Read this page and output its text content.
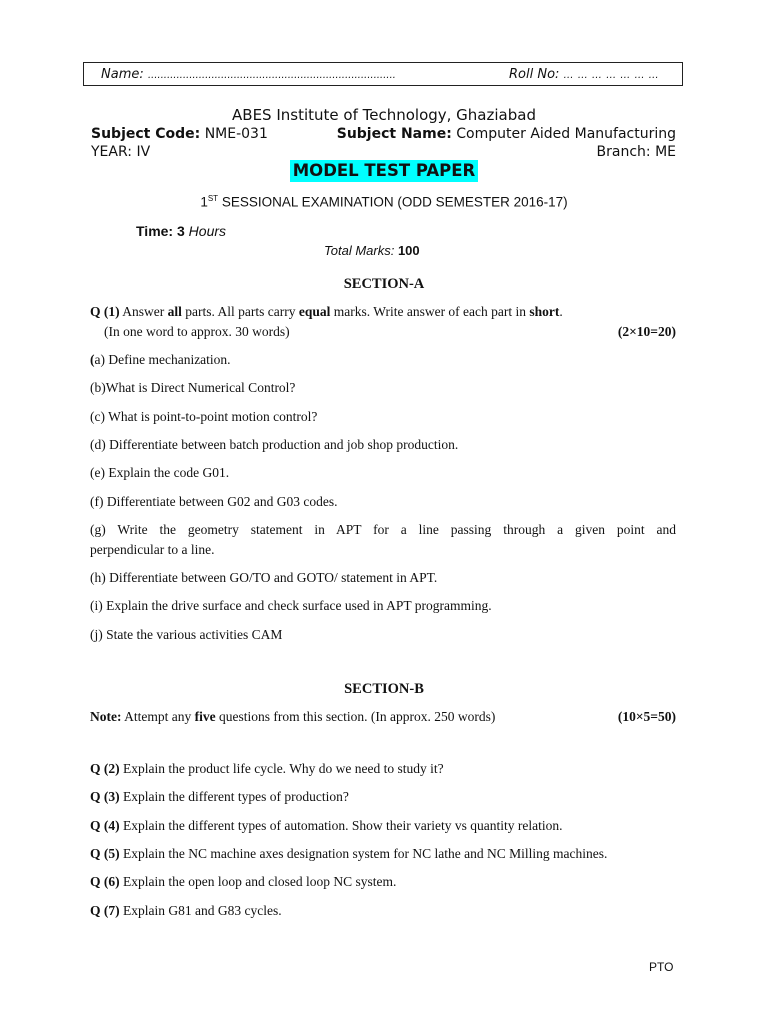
Name: ..............................................................................	Roll No: … … … … … … …
ABES Institute of Technology, Ghaziabad
Subject Code: NME-031	Subject Name: Computer Aided Manufacturing
YEAR: IV	Branch: ME
MODEL TEST PAPER
1ST SESSIONAL EXAMINATION (ODD SEMESTER 2016-17)
Time: 3 Hours
Total Marks: 100
SECTION-A
Q (1) Answer all parts. All parts carry equal marks. Write answer of each part in short.
(In one word to approx. 30 words)	(2×10=20)
(a) Define mechanization.
(b)What is Direct Numerical Control?
(c) What is point-to-point motion control?
(d) Differentiate between batch production and job shop production.
(e) Explain the code G01.
(f) Differentiate between G02 and G03 codes.
(g) Write the geometry statement in APT for a line passing through a given point and
perpendicular to a line.
(h) Differentiate between GO/TO and GOTO/ statement in APT.
(i) Explain the drive surface and check surface used in APT programming.
(j) State the various activities CAM
SECTION-B
Note: Attempt any five questions from this section. (In approx. 250 words)	(10×5=50)
Q (2) Explain the product life cycle. Why do we need to study it?
Q (3) Explain the different types of production?
Q (4) Explain the different types of automation. Show their variety vs quantity relation.
Q (5) Explain the NC machine axes designation system for NC lathe and NC Milling machines.
Q (6) Explain the open loop and closed loop NC system.
Q (7) Explain G81 and G83 cycles.
PTO
